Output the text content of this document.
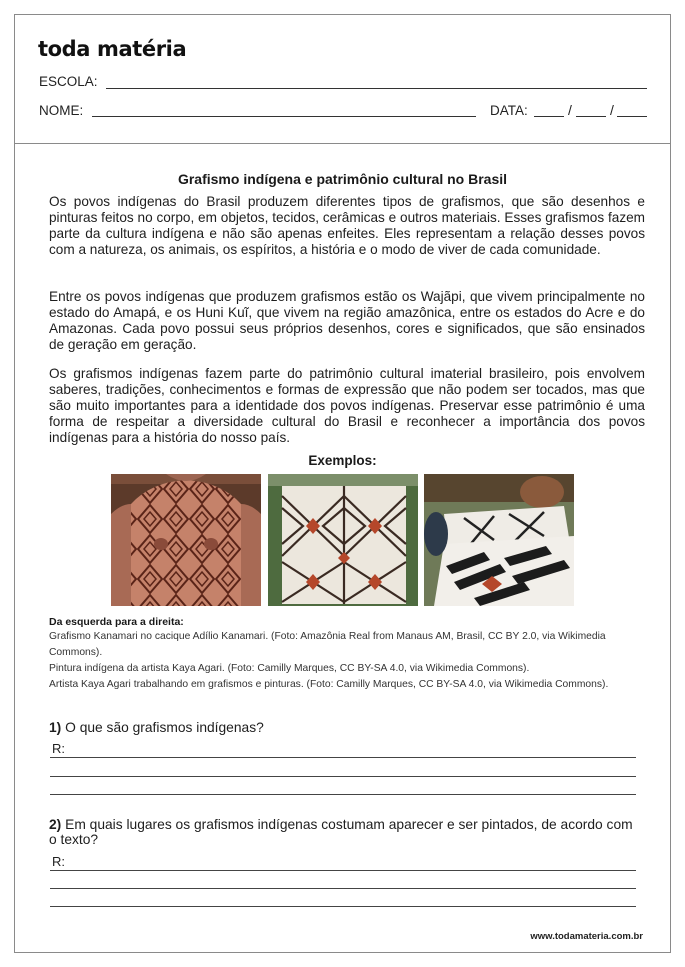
toda matéria
ESCOLA:
NOME:	DATA:	/	/
Grafismo indígena e patrimônio cultural no Brasil

Os povos indígenas do Brasil produzem diferentes tipos de grafismos, que são desenhos e pinturas feitos no corpo, em objetos, tecidos, cerâmicas e outros materiais. Esses grafismos fazem parte da cultura indígena e não são apenas enfeites. Eles representam a relação desses povos com a natureza, os animais, os espíritos, a história e o modo de viver de cada comunidade.

Entre os povos indígenas que produzem grafismos estão os Wajãpi, que vivem principalmente no estado do Amapá, e os Huni Kuĩ, que vivem na região amazônica, entre os estados do Acre e do Amazonas. Cada povo possui seus próprios desenhos, cores e significados, que são ensinados de geração em geração.

Os grafismos indígenas fazem parte do patrimônio cultural imaterial brasileiro, pois envolvem saberes, tradições, conhecimentos e formas de expressão que não podem ser tocados, mas que são muito importantes para a identidade dos povos indígenas. Preservar esse patrimônio é uma forma de respeitar a diversidade cultural do Brasil e reconhecer a importância dos povos indígenas para a história do nosso país.

Exemplos:
Da esquerda para a direita:

Grafismo Kanamari no cacique Adílio Kanamari. (Foto: Amazônia Real from Manaus AM, Brasil, CC BY 2.0, via Wikimedia Commons).

Pintura indígena da artista Kaya Agari. (Foto: Camilly Marques, CC BY-SA 4.0, via Wikimedia Commons).

Artista Kaya Agari trabalhando em grafismos e pinturas. (Foto: Camilly Marques, CC BY-SA 4.0, via Wikimedia Commons).

1) O que são grafismos indígenas?

R:

2) Em quais lugares os grafismos indígenas costumam aparecer e ser pintados, de acordo com o texto?

R:
www.todamateria.com.br
